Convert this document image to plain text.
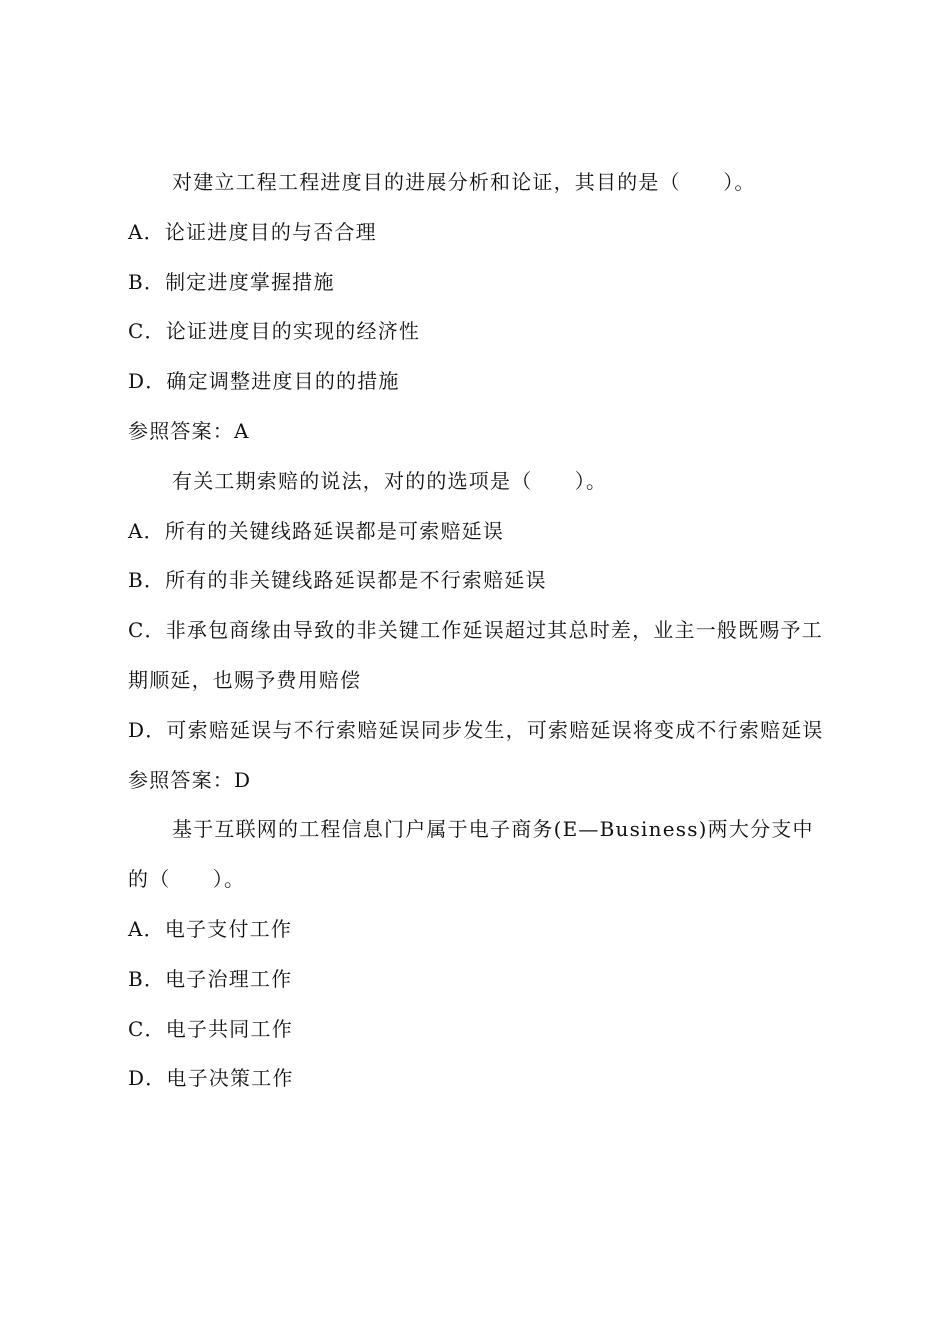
对建立工程工程进度目的进展分析和论证，其目的是（　　）。
A．论证进度目的与否合理
B．制定进度掌握措施
C．论证进度目的实现的经济性
D．确定调整进度目的的措施
参照答案：A
有关工期索赔的说法，对的的选项是（　　）。
A．所有的关键线路延误都是可索赔延误
B．所有的非关键线路延误都是不行索赔延误
C．非承包商缘由导致的非关键工作延误超过其总时差，业主一般既赐予工期顺延，也赐予费用赔偿
D．可索赔延误与不行索赔延误同步发生，可索赔延误将变成不行索赔延误
参照答案：D
基于互联网的工程信息门户属于电子商务(E—Business)两大分支中的（　　）。
A．电子支付工作
B．电子治理工作
C．电子共同工作
D．电子决策工作
